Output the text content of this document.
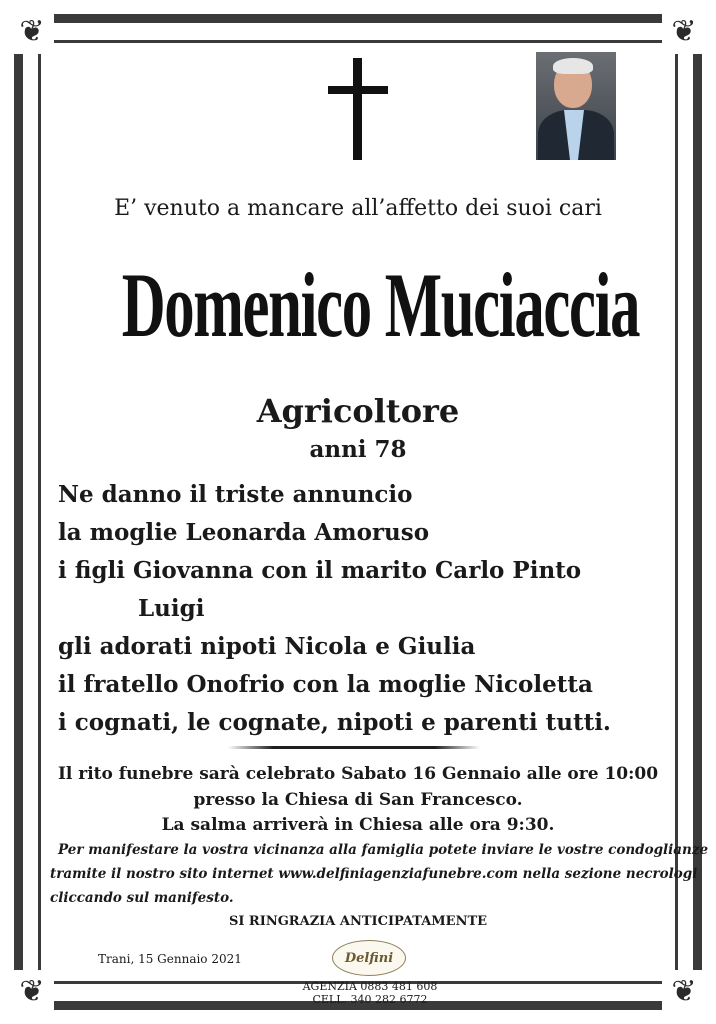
❦	❦
❦	❦
E’ venuto a mancare all’affetto dei suoi cari
Domenico Muciaccia
Agricoltore
anni 78
Ne danno il triste annuncio
la moglie Leonarda Amoruso
i figli Giovanna con il marito Carlo Pinto
Luigi
gli adorati nipoti Nicola e Giulia
il fratello Onofrio con la moglie Nicoletta
i cognati, le cognate, nipoti e parenti tutti.
Il rito funebre sarà celebrato Sabato 16 Gennaio alle ore 10:00
presso la Chiesa di San Francesco.
La salma arriverà in Chiesa alle ora 9:30.
Per manifestare la vostra vicinanza alla famiglia potete inviare le vostre condoglianze
tramite il nostro sito internet www.delfiniagenziafunebre.com nella sezione necrologi
cliccando sul manifesto.
SI RINGRAZIA ANTICIPATAMENTE
Trani, 15 Gennaio 2021	Delfini
AGENZIA 0883 481 608
CELL. 340 282 6772
